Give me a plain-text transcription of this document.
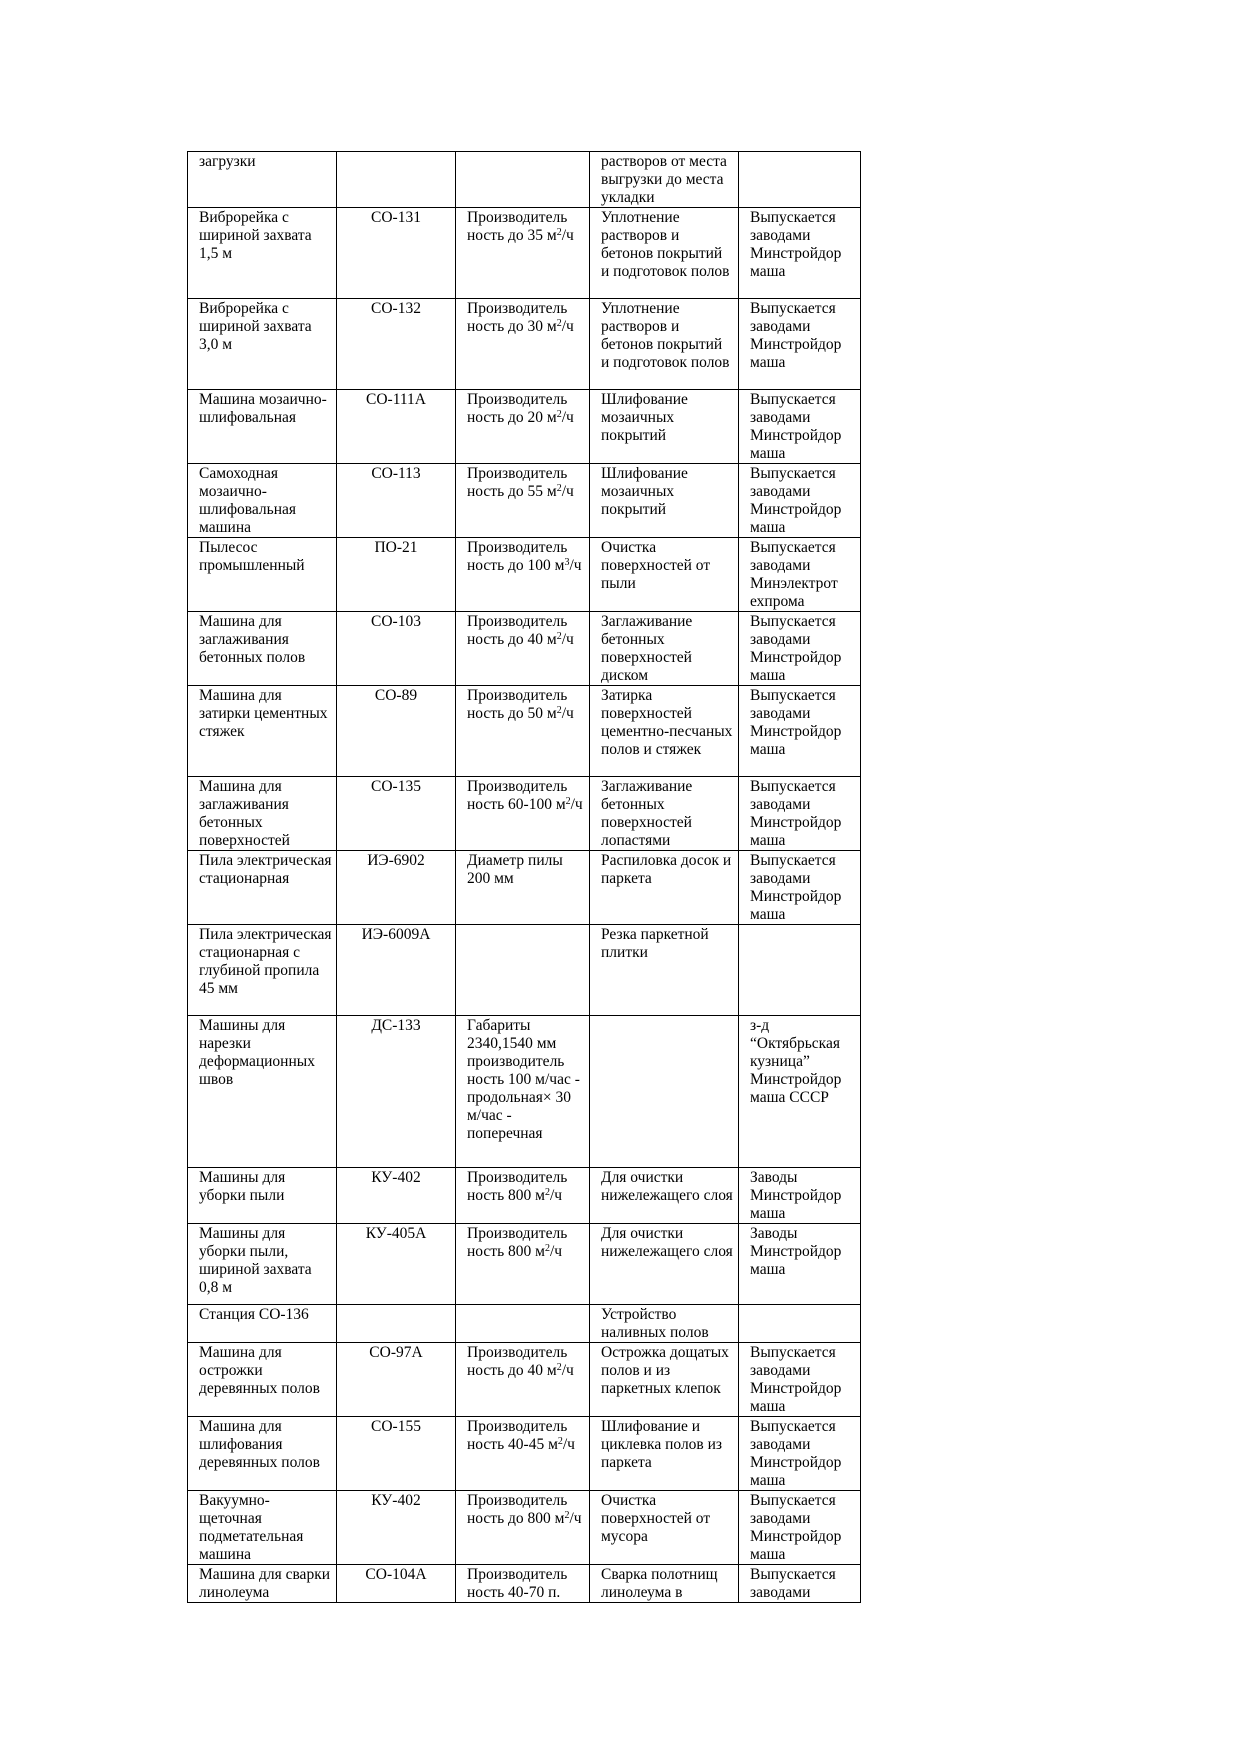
загрузки			растворов от места выгрузки до места укладки	
Виброрейка с шириной захвата 1,5 м	СО-131	Производитель ность до 35 $м^2/ч$	Уплотнение растворов и бетонов покрытий и подготовок полов	Выпускается заводами Минстройдор маша
Виброрейка с шириной захвата 3,0 м	СО-132	Производитель ность до 30 $м^2/ч$	Уплотнение растворов и бетонов покрытий и подготовок полов	Выпускается заводами Минстройдор маша
Машина мозаично-шлифовальная	СО-111А	Производитель ность до 20 $м^2/ч$	Шлифование мозаичных покрытий	Выпускается заводами Минстройдор маша
Самоходная мозаично-шлифовальная машина	СО-113	Производитель ность до 55 $м^2/ч$	Шлифование мозаичных покрытий	Выпускается заводами Минстройдор маша
Пылесос промышленный	ПО-21	Производитель ность до 100 $м^3/ч$	Очистка поверхностей от пыли	Выпускается заводами Минэлектрот ехпрома
Машина для заглаживания бетонных полов	СО-103	Производитель ность до 40 $м^2/ч$	Заглаживание бетонных поверхностей диском	Выпускается заводами Минстройдор маша
Машина для затирки цементных стяжек	СО-89	Производитель ность до 50 $м^2/ч$	Затирка поверхностей цементно-песчаных полов и стяжек	Выпускается заводами Минстройдор маша
Машина для заглаживания бетонных поверхностей	СО-135	Производитель ность 60-100 $м^2/ч$	Заглаживание бетонных поверхностей лопастями	Выпускается заводами Минстройдор маша
Пила электрическая стационарная	ИЭ-6902	Диаметр пилы 200 мм	Распиловка досок и паркета	Выпускается заводами Минстройдор маша
Пила электрическая стационарная с глубиной пропила 45 мм	ИЭ-6009А		Резка паркетной плитки	
Машины для нарезки деформационных швов	ДС-133	Габариты 2340,1540 мм производитель ность 100 м/час - продольная× 30 м/час - поперечная		з-д “Октябрьская кузница” Минстройдор маша СССР
Машины для уборки пыли	КУ-402	Производитель ность 800 $м^2/ч$	Для очистки нижележащего слоя	Заводы Минстройдор маша
Машины для уборки пыли, шириной захвата 0,8 м	КУ-405А	Производитель ность 800 $м^2/ч$	Для очистки нижележащего слоя	Заводы Минстройдор маша
Станция СО-136			Устройство наливных полов	
Машина для острожки деревянных полов	СО-97А	Производитель ность до 40 $м^2/ч$	Острожка дощатых полов и из паркетных клепок	Выпускается заводами Минстройдор маша
Машина для шлифования деревянных полов	СО-155	Производитель ность 40-45 $м^2/ч$	Шлифование и циклевка полов из паркета	Выпускается заводами Минстройдор маша
Вакуумно-щеточная подметательная машина	КУ-402	Производитель ность до 800 $м^2/ч$	Очистка поверхностей от мусора	Выпускается заводами Минстройдор маша
Машина для сварки линолеума	СО-104А	Производитель ность 40-70 п.	Сварка полотнищ линолеума в	Выпускается заводами
